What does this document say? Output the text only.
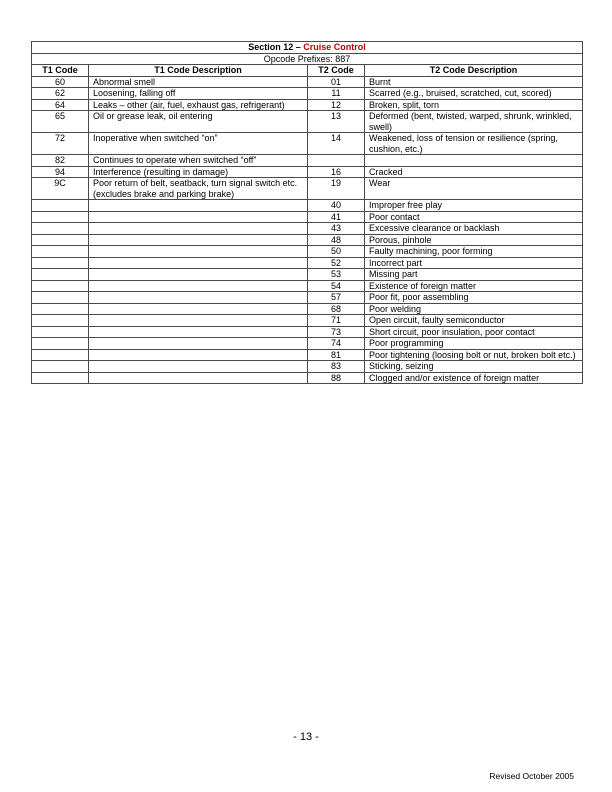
Section 12 – Cruise Control			
Opcode Prefixes: 887			
T1 Code	T1 Code Description	T2 Code	T2 Code Description
60	Abnormal smell	01	Burnt
62	Loosening, falling off	11	Scarred (e.g., bruised, scratched, cut, scored)
64	Leaks – other (air, fuel, exhaust gas, refrigerant)	12	Broken, split, torn
65	Oil or grease leak, oil entering	13	Deformed (bent, twisted, warped, shrunk, wrinkled, swell)
72	Inoperative when switched “on”	14	Weakened, loss of tension or resilience (spring, cushion, etc.)
82	Continues to operate when switched “off”		
94	Interference (resulting in damage)	16	Cracked
9C	Poor return of belt, seatback, turn signal switch etc. (excludes brake and parking brake)	19	Wear
		40	Improper free play
		41	Poor contact
		43	Excessive clearance or backlash
		48	Porous, pinhole
		50	Faulty machining, poor forming
		52	Incorrect part
		53	Missing part
		54	Existence of foreign matter
		57	Poor fit, poor assembling
		68	Poor welding
		71	Open circuit, faulty semiconductor
		73	Short circuit, poor insulation, poor contact
		74	Poor programming
		81	Poor tightening (loosing bolt or nut, broken bolt etc.)
		83	Sticking, seizing
		88	Clogged and/or existence of foreign matter
- 13 -
Revised October 2005
